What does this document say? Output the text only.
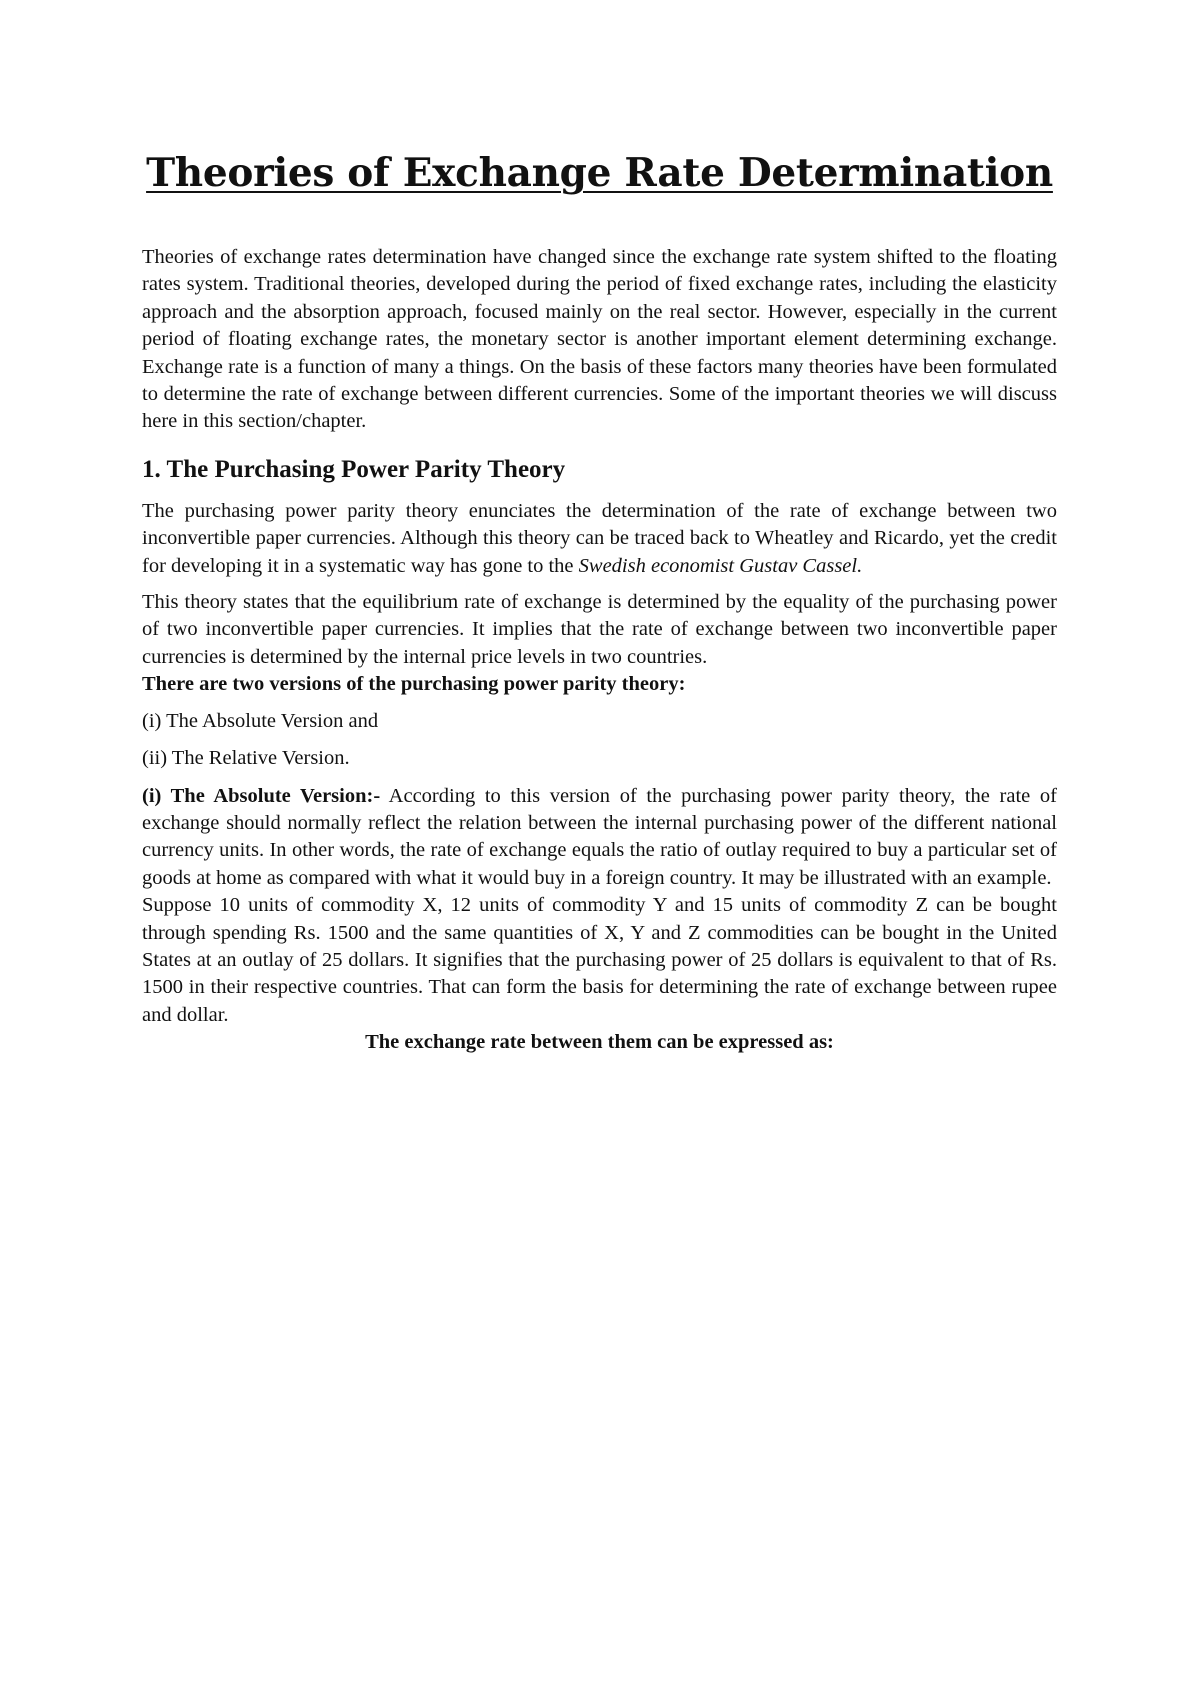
Theories of Exchange Rate Determination

Theories of exchange rates determination have changed since the exchange rate system shifted to the floating rates system. Traditional theories, developed during the period of fixed exchange rates, including the elasticity approach and the absorption approach, focused mainly on the real sector. However, especially in the current period of floating exchange rates, the monetary sector is another important element determining exchange. Exchange rate is a function of many a things. On the basis of these factors many theories have been formulated to determine the rate of exchange between different currencies. Some of the important theories we will discuss here in this section/chapter.

1. The Purchasing Power Parity Theory

The purchasing power parity theory enunciates the determination of the rate of exchange between two inconvertible paper currencies. Although this theory can be traced back to Wheatley and Ricardo, yet the credit for developing it in a systematic way has gone to the Swedish economist Gustav Cassel.

This theory states that the equilibrium rate of exchange is determined by the equality of the purchasing power of two inconvertible paper currencies. It implies that the rate of exchange between two inconvertible paper currencies is determined by the internal price levels in two countries.

There are two versions of the purchasing power parity theory:

(i) The Absolute Version and

(ii) The Relative Version.

(i) The Absolute Version:- According to this version of the purchasing power parity theory, the rate of exchange should normally reflect the relation between the internal purchasing power of the different national currency units. In other words, the rate of exchange equals the ratio of outlay required to buy a particular set of goods at home as compared with what it would buy in a foreign country. It may be illustrated with an example.

Suppose 10 units of commodity X, 12 units of commodity Y and 15 units of commodity Z can be bought through spending Rs. 1500 and the same quantities of X, Y and Z commodities can be bought in the United States at an outlay of 25 dollars. It signifies that the purchasing power of 25 dollars is equivalent to that of Rs. 1500 in their respective countries. That can form the basis for determining the rate of exchange between rupee and dollar.

The exchange rate between them can be expressed as:
